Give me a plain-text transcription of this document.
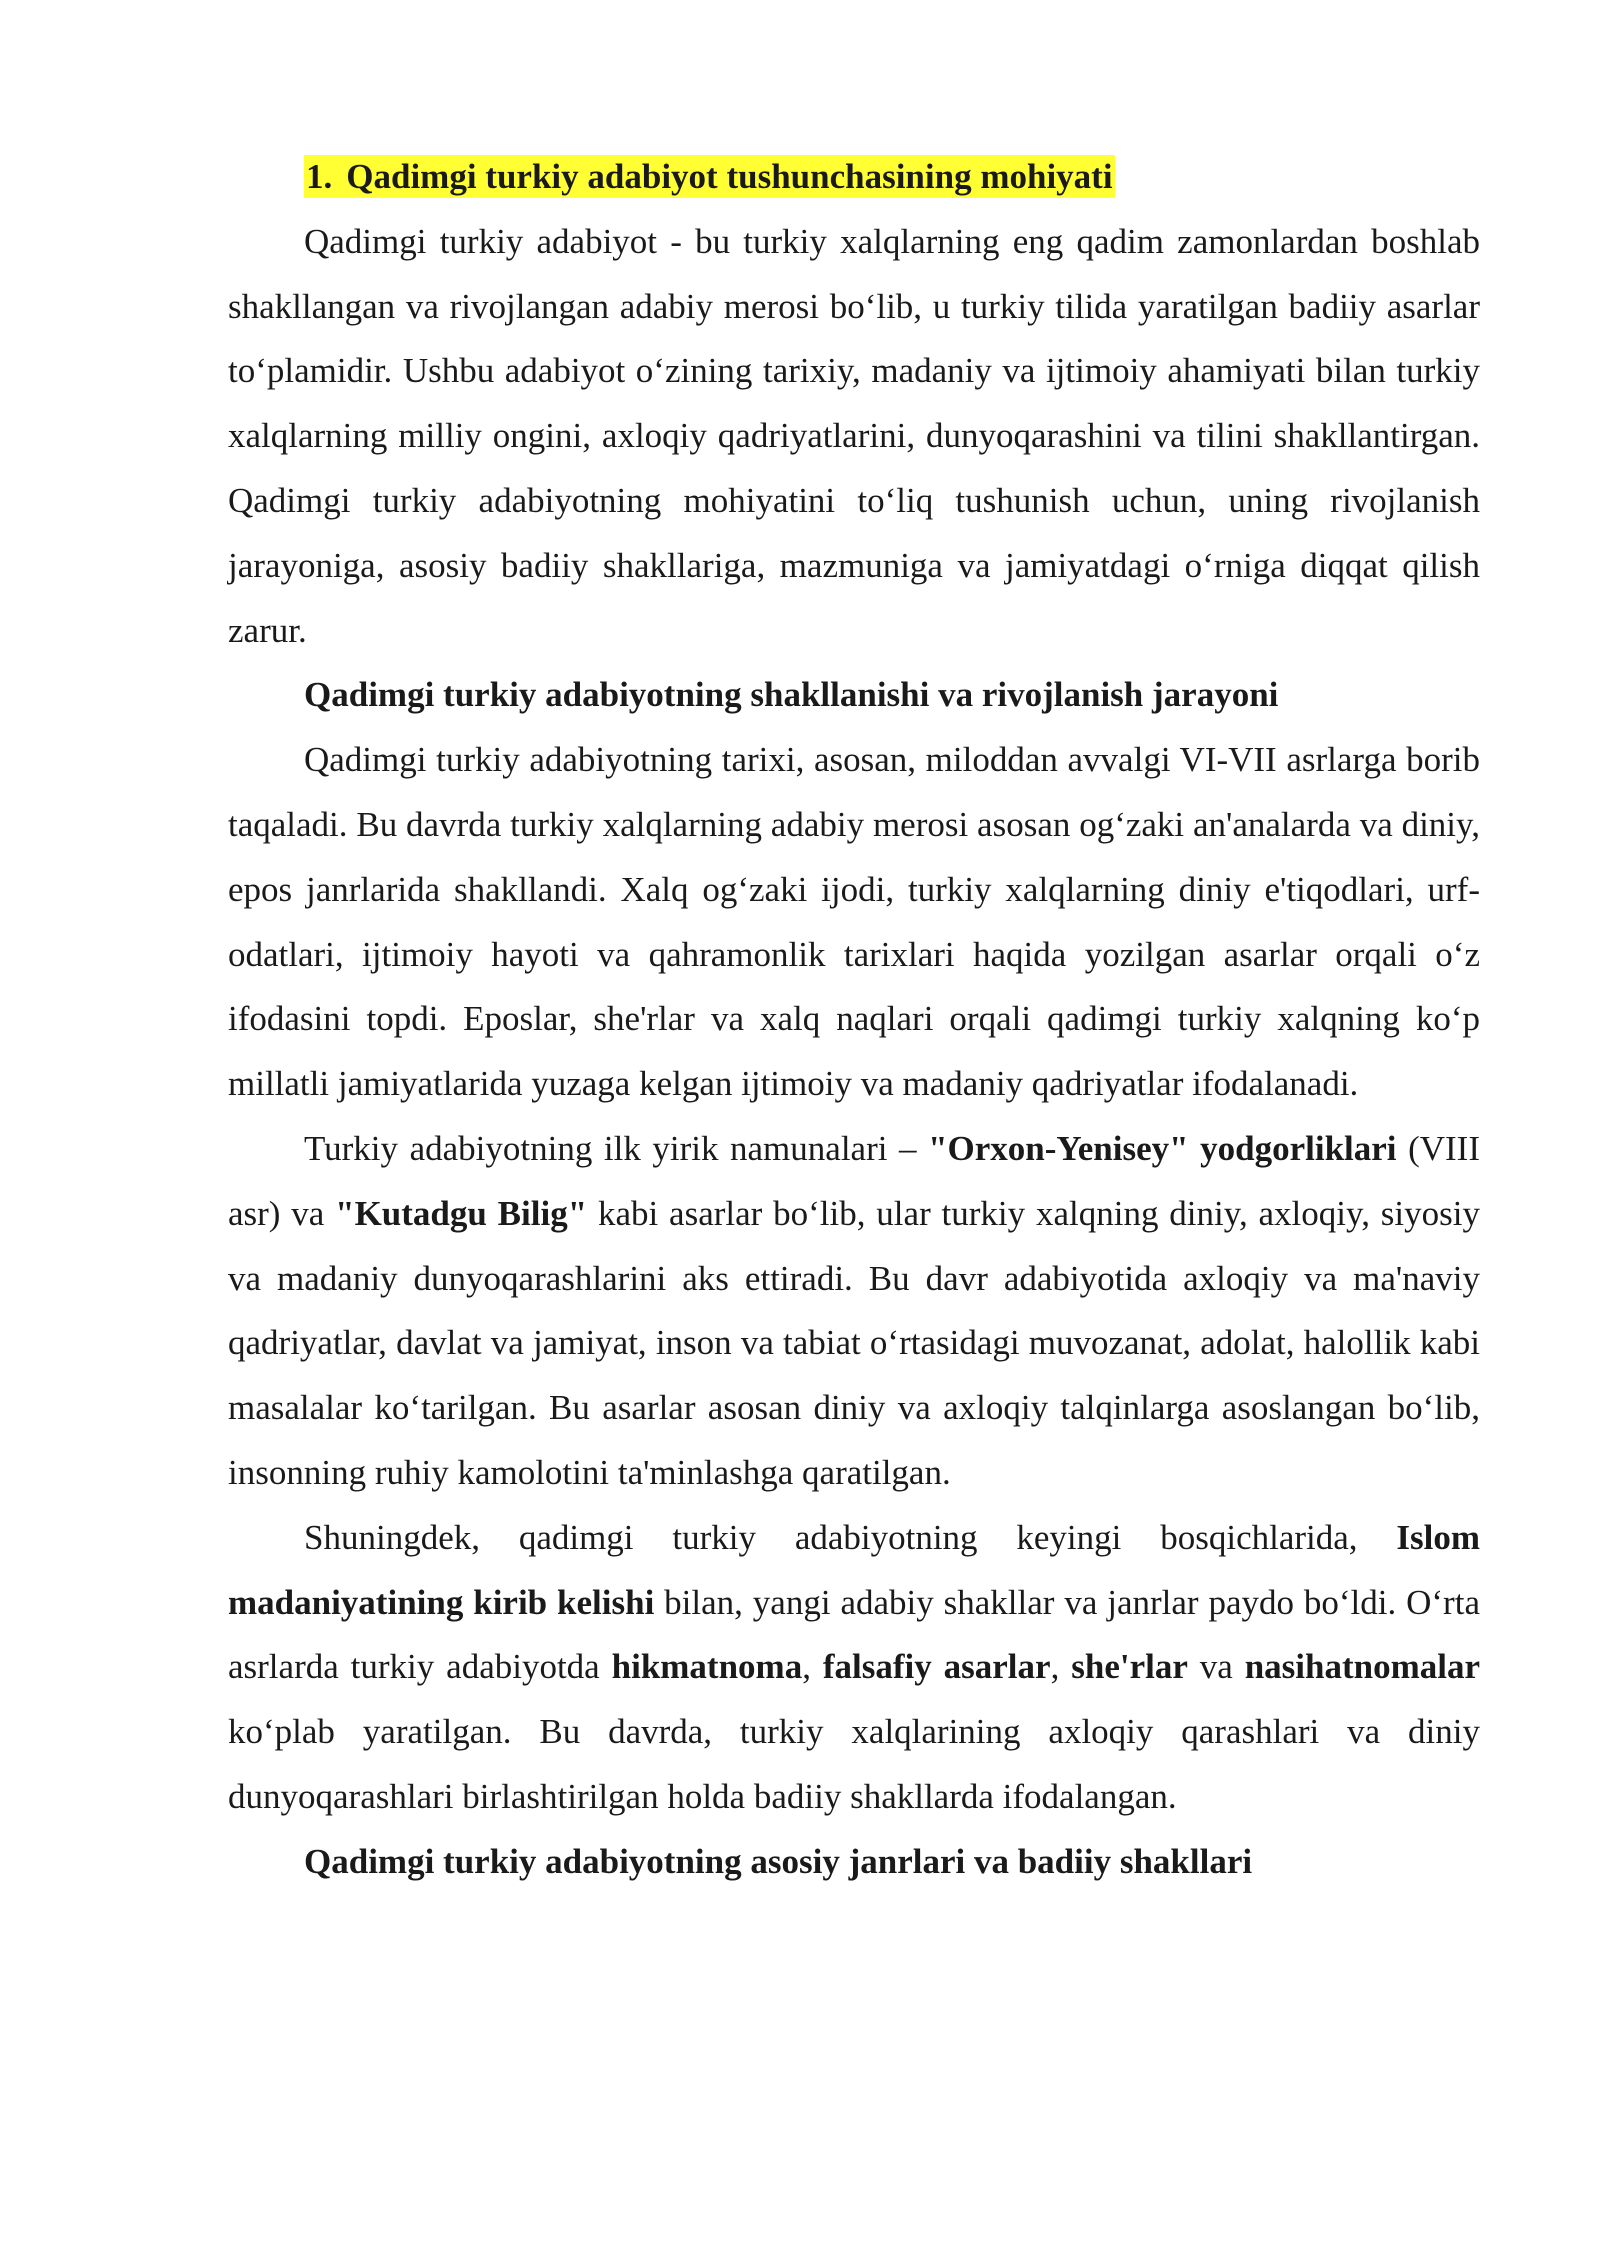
1. Qadimgi turkiy adabiyot tushunchasining mohiyati

Qadimgi turkiy adabiyot - bu turkiy xalqlarning eng qadim zamonlardan boshlab shakllangan va rivojlangan adabiy merosi bo‘lib, u turkiy tilida yaratilgan badiiy asarlar to‘plamidir. Ushbu adabiyot o‘zining tarixiy, madaniy va ijtimoiy ahamiyati bilan turkiy xalqlarning milliy ongini, axloqiy qadriyatlarini, dunyoqarashini va tilini shakllantirgan. Qadimgi turkiy adabiyotning mohiyatini to‘liq tushunish uchun, uning rivojlanish jarayoniga, asosiy badiiy shakllariga, mazmuniga va jamiyatdagi o‘rniga diqqat qilish zarur.

Qadimgi turkiy adabiyotning shakllanishi va rivojlanish jarayoni

Qadimgi turkiy adabiyotning tarixi, asosan, miloddan avvalgi VI-VII asrlarga borib taqaladi. Bu davrda turkiy xalqlarning adabiy merosi asosan og‘zaki an'analarda va diniy, epos janrlarida shakllandi. Xalq og‘zaki ijodi, turkiy xalqlarning diniy e'tiqodlari, urf-odatlari, ijtimoiy hayoti va qahramonlik tarixlari haqida yozilgan asarlar orqali o‘z ifodasini topdi. Eposlar, she'rlar va xalq naqlari orqali qadimgi turkiy xalqning ko‘p millatli jamiyatlarida yuzaga kelgan ijtimoiy va madaniy qadriyatlar ifodalanadi.

Turkiy adabiyotning ilk yirik namunalari – "Orxon-Yenisey" yodgorliklari (VIII asr) va "Kutadgu Bilig" kabi asarlar bo‘lib, ular turkiy xalqning diniy, axloqiy, siyosiy va madaniy dunyoqarashlarini aks ettiradi. Bu davr adabiyotida axloqiy va ma'naviy qadriyatlar, davlat va jamiyat, inson va tabiat o‘rtasidagi muvozanat, adolat, halollik kabi masalalar ko‘tarilgan. Bu asarlar asosan diniy va axloqiy talqinlarga asoslangan bo‘lib, insonning ruhiy kamolotini ta'minlashga qaratilgan.

Shuningdek, qadimgi turkiy adabiyotning keyingi bosqichlarida, Islom madaniyatining kirib kelishi bilan, yangi adabiy shakllar va janrlar paydo bo‘ldi. O‘rta asrlarda turkiy adabiyotda hikmatnoma, falsafiy asarlar, she'rlar va nasihatnomalar ko‘plab yaratilgan. Bu davrda, turkiy xalqlarining axloqiy qarashlari va diniy dunyoqarashlari birlashtirilgan holda badiiy shakllarda ifodalangan.

Qadimgi turkiy adabiyotning asosiy janrlari va badiiy shakllari
